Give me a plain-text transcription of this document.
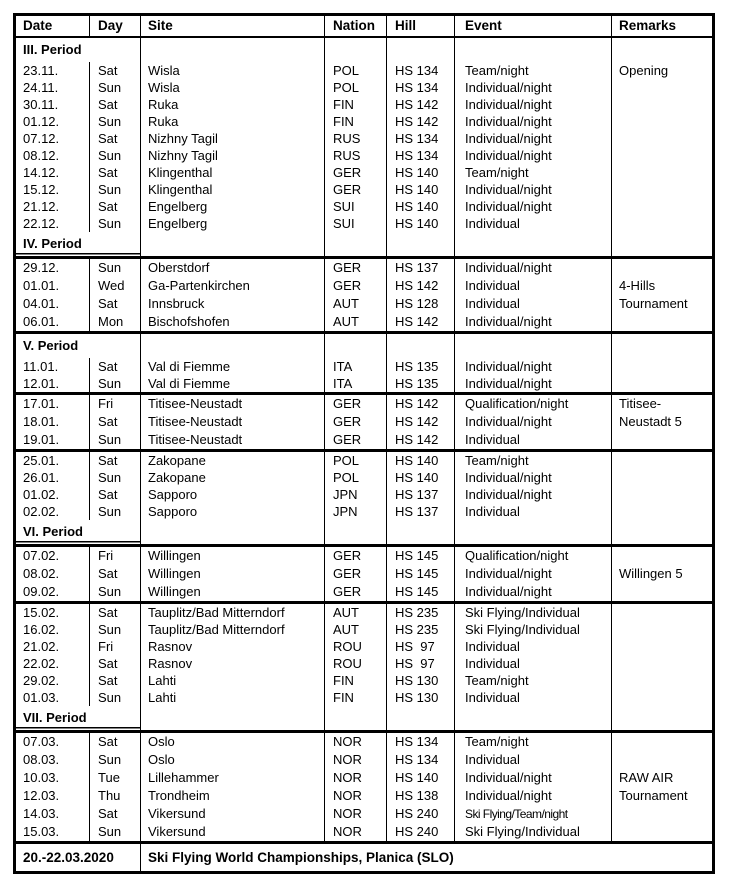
Date	Day	Site	Nation	Hill	Event	Remarks
III. Period
23.11.	Sat	Wisla	POL	HS 134	Team/night	Opening
24.11.	Sun	Wisla	POL	HS 134	Individual/night
30.11.	Sat	Ruka	FIN	HS 142	Individual/night
01.12.	Sun	Ruka	FIN	HS 142	Individual/night
07.12.	Sat	Nizhny Tagil	RUS	HS 134	Individual/night
08.12.	Sun	Nizhny Tagil	RUS	HS 134	Individual/night
14.12.	Sat	Klingenthal	GER	HS 140	Team/night
15.12.	Sun	Klingenthal	GER	HS 140	Individual/night
21.12.	Sat	Engelberg	SUI	HS 140	Individual/night
22.12.	Sun	Engelberg	SUI	HS 140	Individual
IV. Period
29.12.	Sun	Oberstdorf	GER	HS 137	Individual/night
01.01.	Wed	Ga-Partenkirchen	GER	HS 142	Individual	4-Hills
04.01.	Sat	Innsbruck	AUT	HS 128	Individual	Tournament
06.01.	Mon	Bischofshofen	AUT	HS 142	Individual/night
V. Period
11.01.	Sat	Val di Fiemme	ITA	HS 135	Individual/night
12.01.	Sun	Val di Fiemme	ITA	HS 135	Individual/night
17.01.	Fri	Titisee-Neustadt	GER	HS 142	Qualification/night	Titisee-
18.01.	Sat	Titisee-Neustadt	GER	HS 142	Individual/night	Neustadt 5
19.01.	Sun	Titisee-Neustadt	GER	HS 142	Individual
25.01.	Sat	Zakopane	POL	HS 140	Team/night
26.01.	Sun	Zakopane	POL	HS 140	Individual/night
01.02.	Sat	Sapporo	JPN	HS 137	Individual/night
02.02.	Sun	Sapporo	JPN	HS 137	Individual
VI. Period
07.02.	Fri	Willingen	GER	HS 145	Qualification/night
08.02.	Sat	Willingen	GER	HS 145	Individual/night	Willingen 5
09.02.	Sun	Willingen	GER	HS 145	Individual/night
15.02.	Sat	Tauplitz/Bad Mitterndorf	AUT	HS 235	Ski Flying/Individual
16.02.	Sun	Tauplitz/Bad Mitterndorf	AUT	HS 235	Ski Flying/Individual
21.02.	Fri	Rasnov	ROU	HS  97	Individual
22.02.	Sat	Rasnov	ROU	HS  97	Individual
29.02.	Sat	Lahti	FIN	HS 130	Team/night
01.03.	Sun	Lahti	FIN	HS 130	Individual
VII. Period
07.03.	Sat	Oslo	NOR	HS 134	Team/night
08.03.	Sun	Oslo	NOR	HS 134	Individual
10.03.	Tue	Lillehammer	NOR	HS 140	Individual/night	RAW AIR
12.03.	Thu	Trondheim	NOR	HS 138	Individual/night	Tournament
14.03.	Sat	Vikersund	NOR	HS 240	Ski Flying/Team/night
15.03.	Sun	Vikersund	NOR	HS 240	Ski Flying/Individual
20.-22.03.2020	Ski Flying World Championships, Planica (SLO)
